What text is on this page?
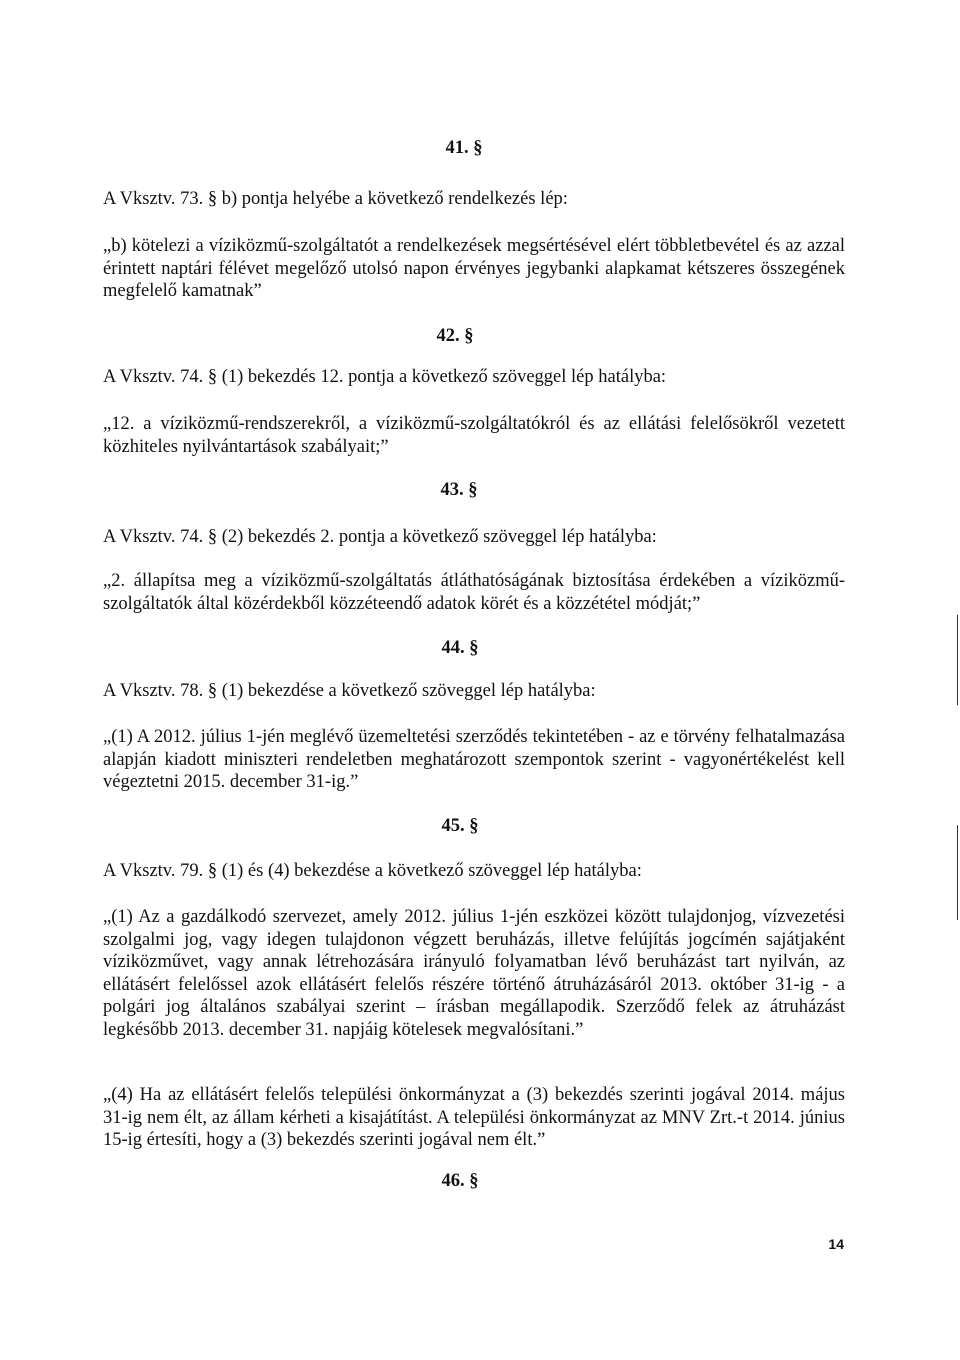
41. §

A Vksztv. 73. § b) pontja helyébe a következő rendelkezés lép:

„b) kötelezi a víziközmű-szolgáltatót a rendelkezések megsértésével elért többletbevétel és az azzal érintett naptári félévet megelőző utolsó napon érvényes jegybanki alapkamat kétszeres összegének megfelelő kamatnak”

42. §

A Vksztv. 74. § (1) bekezdés 12. pontja a következő szöveggel lép hatályba:

„12. a víziközmű-rendszerekről, a víziközmű-szolgáltatókról és az ellátási felelősökről vezetett közhiteles nyilvántartások szabályait;”

43. §

A Vksztv. 74. § (2) bekezdés 2. pontja a következő szöveggel lép hatályba:

„2. állapítsa meg a víziközmű-szolgáltatás átláthatóságának biztosítása érdekében a víziközmű-szolgáltatók által közérdekből közzéteendő adatok körét és a közzététel módját;”

44. §

A Vksztv. 78. § (1) bekezdése a következő szöveggel lép hatályba:

„(1) A 2012. július 1-jén meglévő üzemeltetési szerződés tekintetében - az e törvény felhatalmazása alapján kiadott miniszteri rendeletben meghatározott szempontok szerint - vagyonértékelést kell végeztetni 2015. december 31-ig.”

45. §

A Vksztv. 79. § (1) és (4) bekezdése a következő szöveggel lép hatályba:

„(1) Az a gazdálkodó szervezet, amely 2012. július 1-jén eszközei között tulajdonjog, vízvezetési szolgalmi jog, vagy idegen tulajdonon végzett beruházás, illetve felújítás jogcímén sajátjaként víziközművet, vagy annak létrehozására irányuló folyamatban lévő beruházást tart nyilván, az ellátásért felelőssel azok ellátásért felelős részére történő átruházásáról 2013. október 31-ig - a polgári jog általános szabályai szerint – írásban megállapodik. Szerződő felek az átruházást legkésőbb 2013. december 31. napjáig kötelesek megvalósítani.”

„(4) Ha az ellátásért felelős települési önkormányzat a (3) bekezdés szerinti jogával 2014. május 31-ig nem élt, az állam kérheti a kisajátítást. A települési önkormányzat az MNV Zrt.-t 2014. június 15-ig értesíti, hogy a (3) bekezdés szerinti jogával nem élt.”

46. §
14
